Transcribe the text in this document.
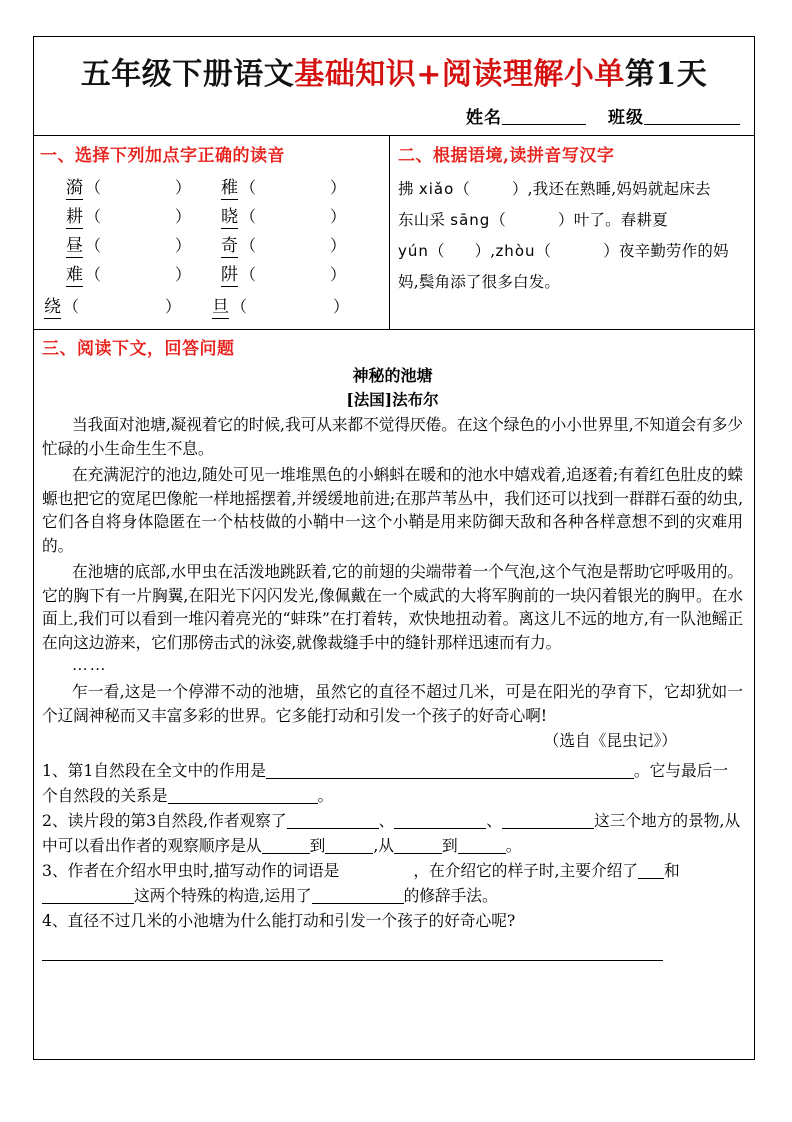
五年级下册语文基础知识+阅读理解小单第1天
姓名	班级
一、选择下列加点字正确的读音
漪 （	）	稚 （	）
耕 （	）	晓 （	）
昼 （	）	奇 （	）
难 （	）	阱 （	）
绕 （	）	旦 （	）
二、根据语境,读拼音写汉字
拂 xiǎo（	）,我还在熟睡,妈妈就起床去
东山采 sāng（	）叶了。春耕夏
yún（ ）,zhòu（	）夜辛勤劳作的妈
妈,鬓角添了很多白发。
三、阅读下文，回答问题
神秘的池塘
[法国]法布尔
当我面对池塘,凝视着它的时候,我可从来都不觉得厌倦。在这个绿色的小小世界里,不知道会有多少忙碌的小生命生生不息。
在充满泥泞的池边,随处可见一堆堆黑色的小蝌蚪在暖和的池水中嬉戏着,追逐着;有着红色肚皮的蝾螈也把它的宽尾巴像舵一样地摇摆着,并缓缓地前进;在那芦苇丛中，我们还可以找到一群群石蚕的幼虫,它们各自将身体隐匿在一个枯枝做的小鞘中一这个小鞘是用来防御天敌和各种各样意想不到的灾难用的。
在池塘的底部,水甲虫在活泼地跳跃着,它的前翅的尖端带着一个气泡,这个气泡是帮助它呼吸用的。它的胸下有一片胸翼,在阳光下闪闪发光,像佩戴在一个威武的大将军胸前的一块闪着银光的胸甲。在水面上,我们可以看到一堆闪着亮光的“蚌珠”在打着转，欢快地扭动着。离这儿不远的地方,有一队池鳐正在向这边游来，它们那傍击式的泳姿,就像裁缝手中的缝针那样迅速而有力。
……
乍一看,这是一个停滞不动的池塘，虽然它的直径不超过几米，可是在阳光的孕育下，它却犹如一个辽阔神秘而又丰富多彩的世界。它多能打动和引发一个孩子的好奇心啊!
（选自《昆虫记》）
1、第1自然段在全文中的作用是	。它与最后一个自然段的关系是	。
2、读片段的第3自然段,作者观察了	、	、	这三个地方的景物,从中可以看出作者的观察顺序是从	到	,从	到	。
3、作者在介绍水甲虫时,描写动作的词语是	，在介绍它的样子时,主要介绍了 和这两个特殊的构造,运用了	的修辞手法。
4、直径不过几米的小池塘为什么能打动和引发一个孩子的好奇心呢?
